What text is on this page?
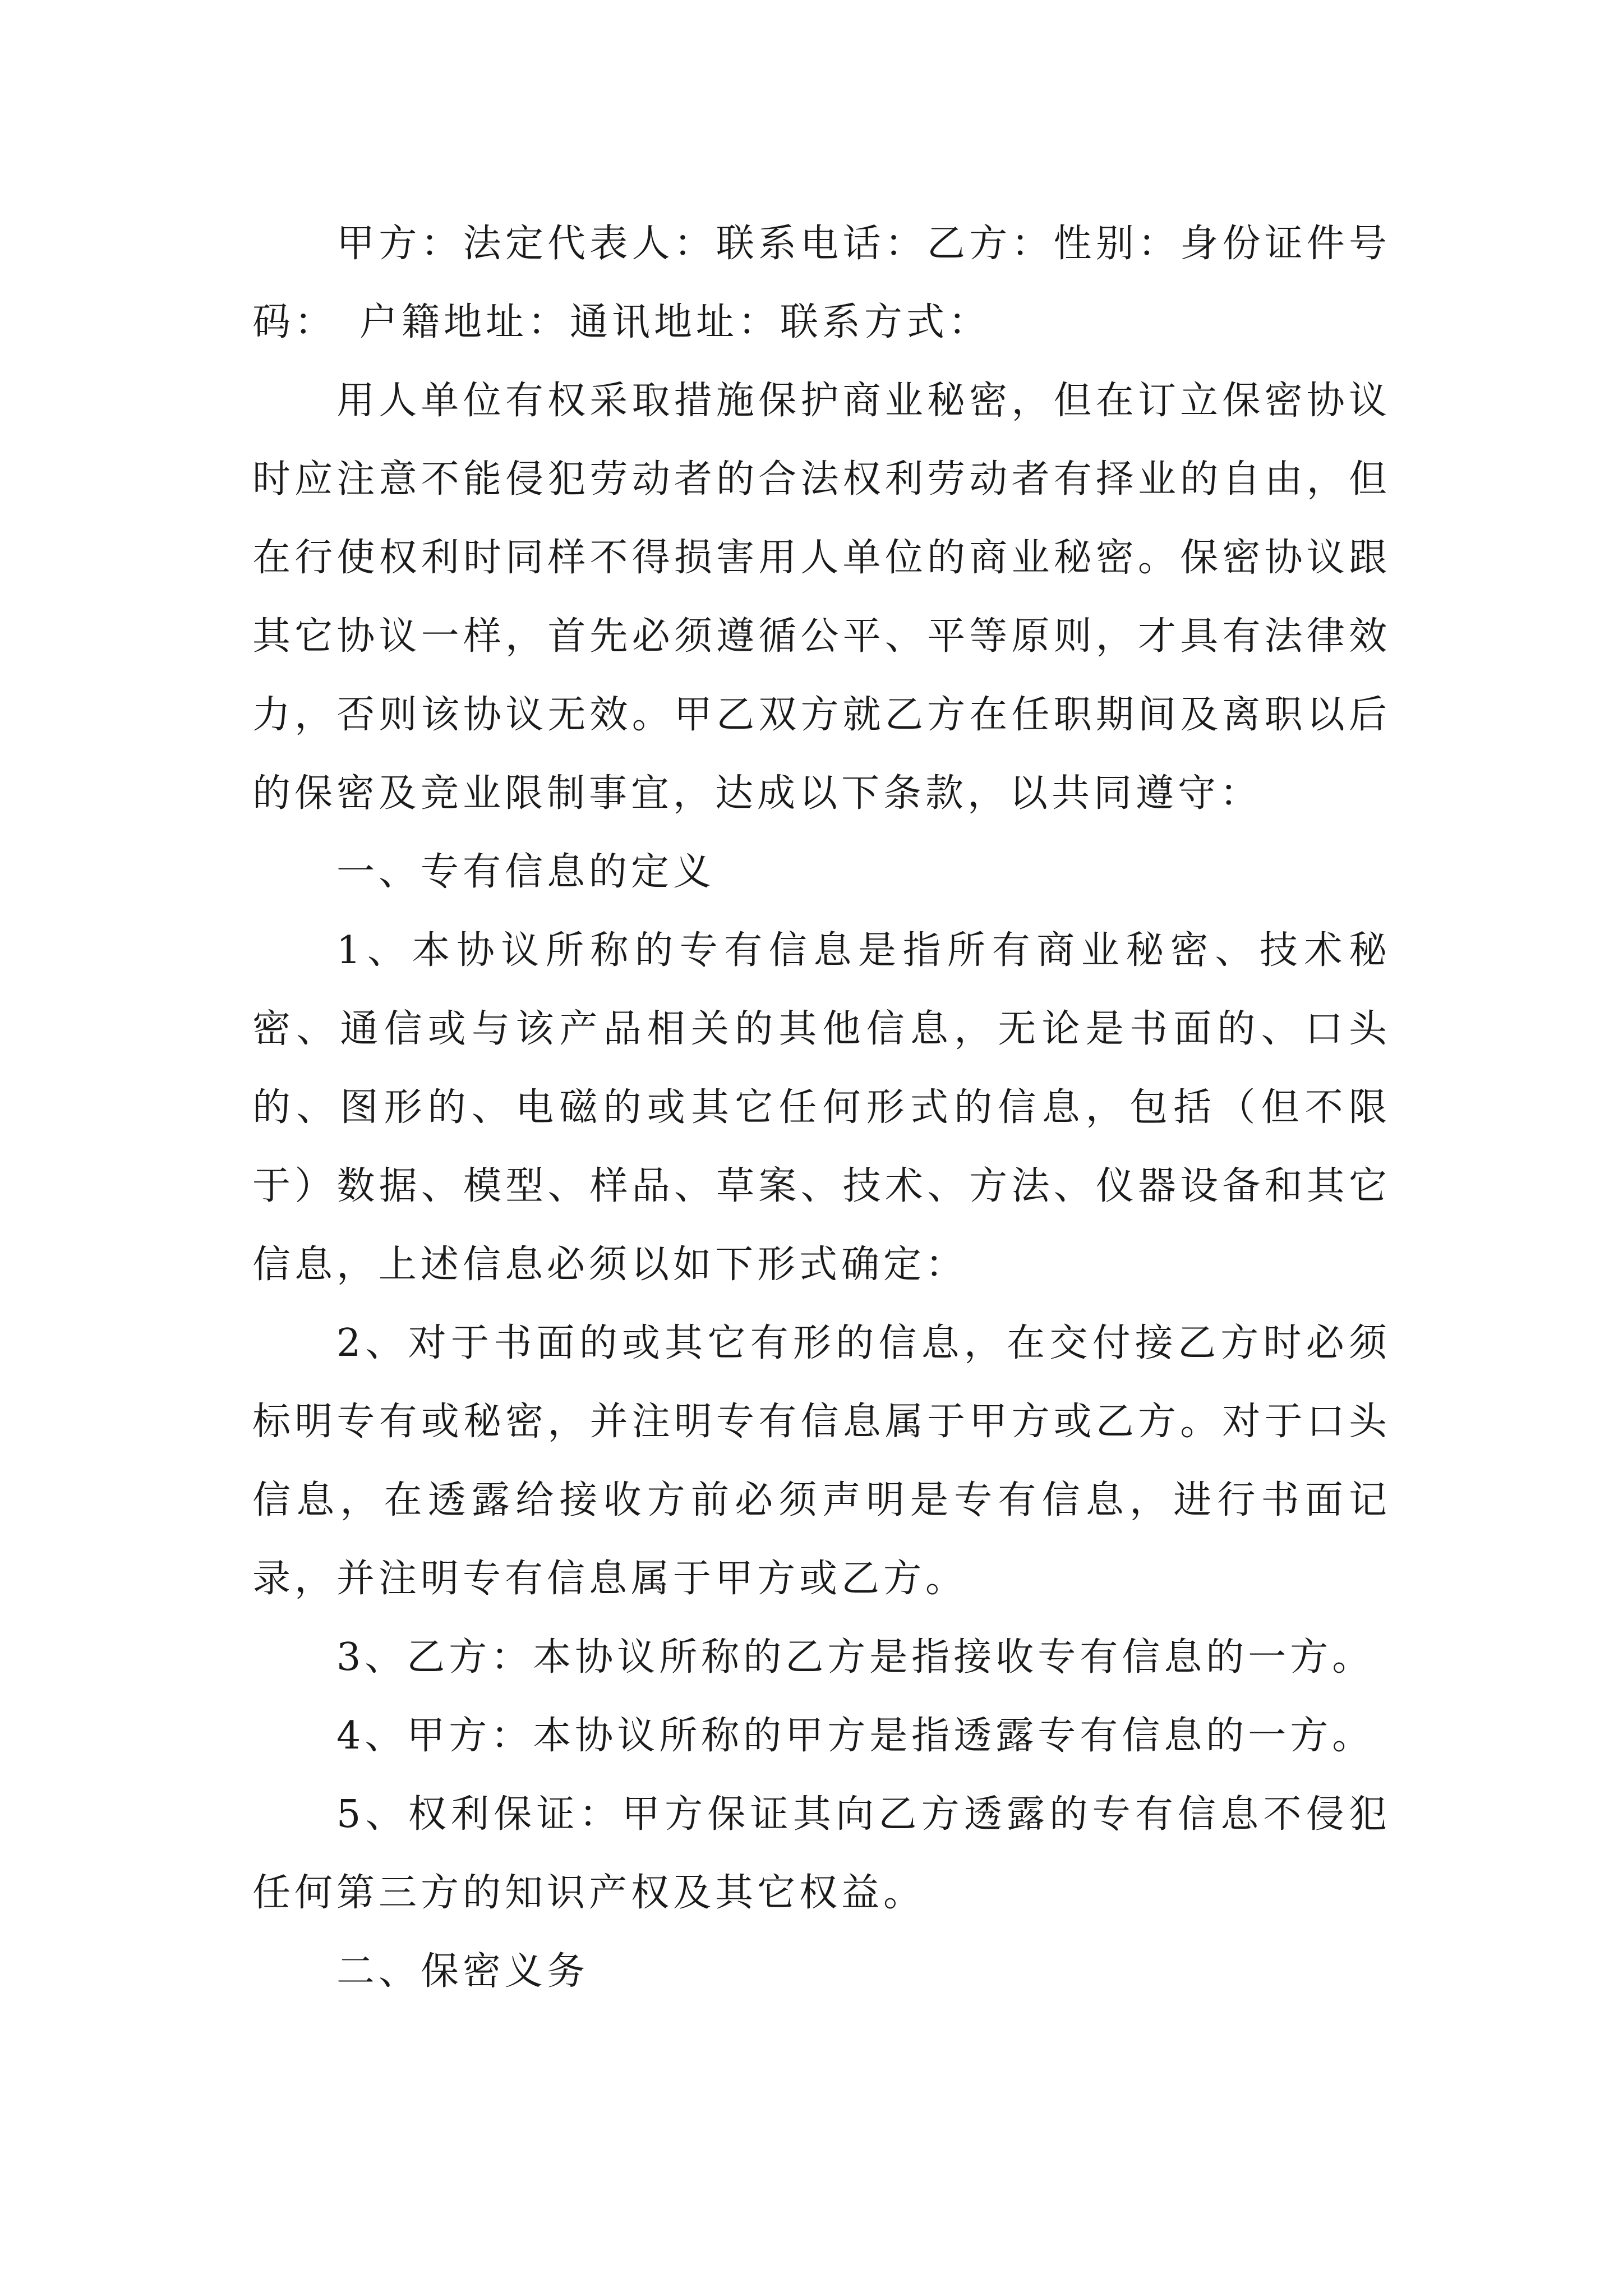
甲方：法定代表人：联系电话：乙方：性别：身份证件号码：　户籍地址：通讯地址：联系方式：

用人单位有权采取措施保护商业秘密，但在订立保密协议时应注意不能侵犯劳动者的合法权利劳动者有择业的自由，但在行使权利时同样不得损害用人单位的商业秘密。保密协议跟其它协议一样，首先必须遵循公平、平等原则，才具有法律效力，否则该协议无效。甲乙双方就乙方在任职期间及离职以后的保密及竞业限制事宜，达成以下条款，以共同遵守：

一、专有信息的定义

1、本协议所称的专有信息是指所有商业秘密、技术秘密、通信或与该产品相关的其他信息，无论是书面的、口头的、图形的、电磁的或其它任何形式的信息，包括（但不限于）数据、模型、样品、草案、技术、方法、仪器设备和其它信息，上述信息必须以如下形式确定：

2、对于书面的或其它有形的信息，在交付接乙方时必须标明专有或秘密，并注明专有信息属于甲方或乙方。对于口头信息，在透露给接收方前必须声明是专有信息，进行书面记录，并注明专有信息属于甲方或乙方。

3、乙方：本协议所称的乙方是指接收专有信息的一方。

4、甲方：本协议所称的甲方是指透露专有信息的一方。

5、权利保证：甲方保证其向乙方透露的专有信息不侵犯任何第三方的知识产权及其它权益。

二、保密义务
